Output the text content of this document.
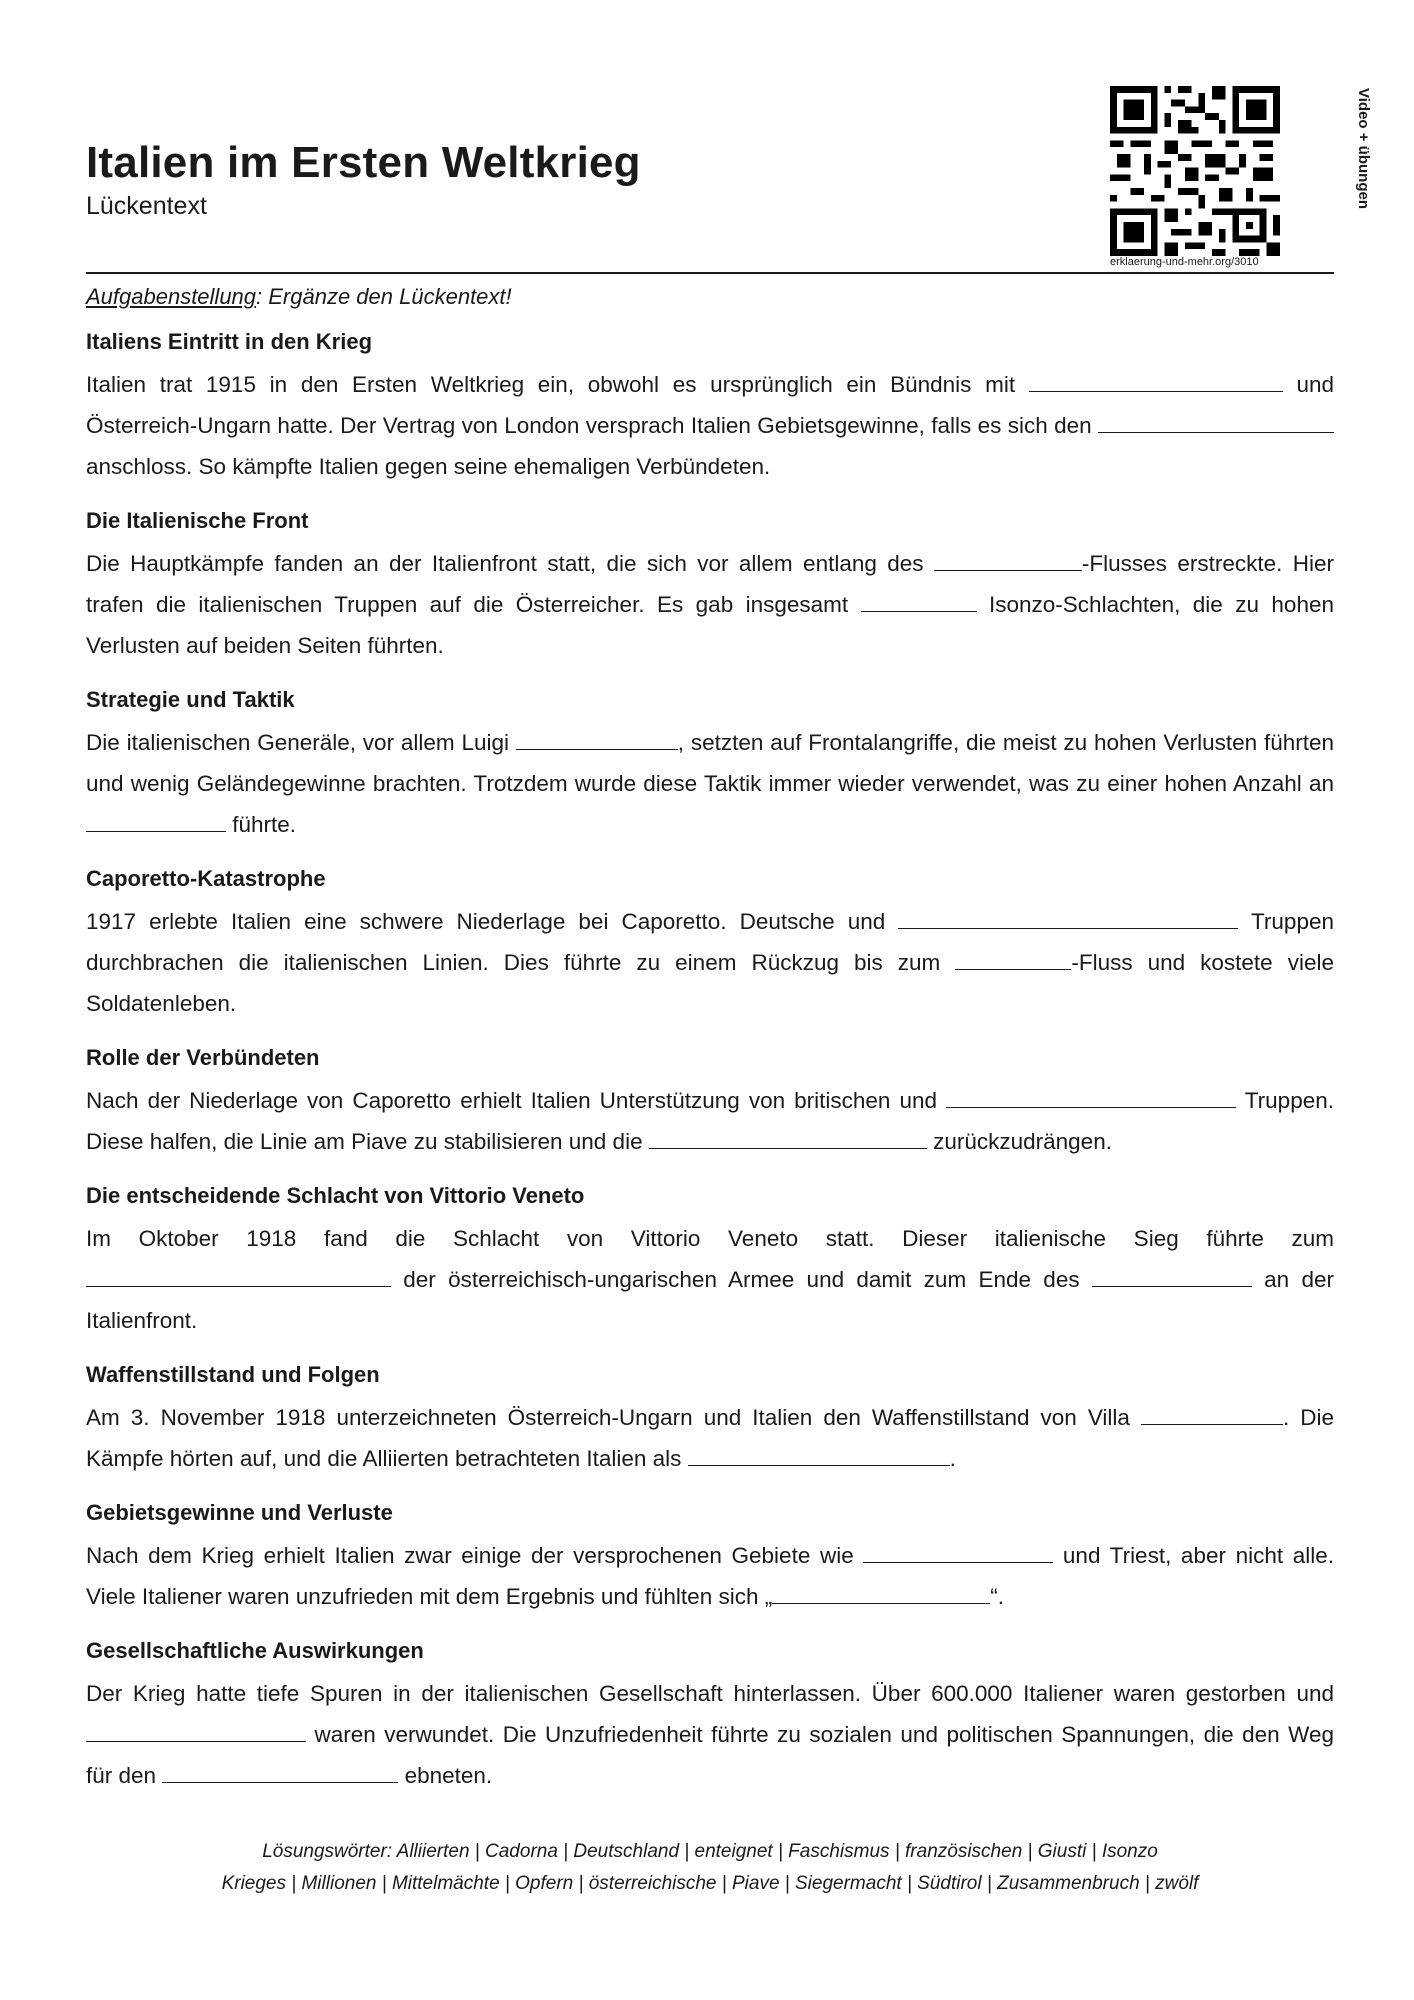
Italien im Ersten Weltkrieg
Lückentext
erklaerung-und-mehr.org/3010
Video + übungen
Aufgabenstellung: Ergänze den Lückentext!
Italiens Eintritt in den Krieg

Italien trat 1915 in den Ersten Weltkrieg ein, obwohl es ursprünglich ein Bündnis mit	und Österreich-Ungarn hatte. Der Vertrag von London versprach Italien Gebietsgewinne, falls es sich den  anschloss. So kämpfte Italien gegen seine ehemaligen Verbündeten.

Die Italienische Front

Die Hauptkämpfe fanden an der Italienfront statt, die sich vor allem entlang des	-Flusses erstreckte. Hier trafen die italienischen Truppen auf die Österreicher. Es gab insgesamt	Isonzo-Schlachten, die zu hohen Verlusten auf beiden Seiten führten.

Strategie und Taktik

Die italienischen Generäle, vor allem Luigi	, setzten auf Frontalangriffe, die meist zu hohen Verlusten führten und wenig Geländegewinne brachten. Trotzdem wurde diese Taktik immer wieder verwendet, was zu einer hohen Anzahl an  führte.

Caporetto-Katastrophe

1917 erlebte Italien eine schwere Niederlage bei Caporetto. Deutsche und	Truppen durchbrachen die italienischen Linien. Dies führte zu einem Rückzug bis zum	-Fluss und kostete viele Soldatenleben.

Rolle der Verbündeten

Nach der Niederlage von Caporetto erhielt Italien Unterstützung von britischen und	Truppen. Diese halfen, die Linie am Piave zu stabilisieren und die	zurückzudrängen.

Die entscheidende Schlacht von Vittorio Veneto

Im Oktober 1918 fand die Schlacht von Vittorio Veneto statt. Dieser italienische Sieg führte zum  der österreichisch-ungarischen Armee und damit zum Ende des	an der Italienfront.

Waffenstillstand und Folgen

Am 3. November 1918 unterzeichneten Österreich-Ungarn und Italien den Waffenstillstand von Villa	. Die Kämpfe hörten auf, und die Alliierten betrachteten Italien als	.

Gebietsgewinne und Verluste

Nach dem Krieg erhielt Italien zwar einige der versprochenen Gebiete wie	und Triest, aber nicht alle. Viele Italiener waren unzufrieden mit dem Ergebnis und fühlten sich „	“.

Gesellschaftliche Auswirkungen

Der Krieg hatte tiefe Spuren in der italienischen Gesellschaft hinterlassen. Über 600.000 Italiener waren gestorben und  waren verwundet. Die Unzufriedenheit führte zu sozialen und politischen Spannungen, die den Weg für den	ebneten.

Lösungswörter: Alliierten | Cadorna | Deutschland | enteignet | Faschismus | französischen | Giusti | Isonzo
Krieges | Millionen | Mittelmächte | Opfern | österreichische | Piave | Siegermacht | Südtirol | Zusammenbruch | zwölf
